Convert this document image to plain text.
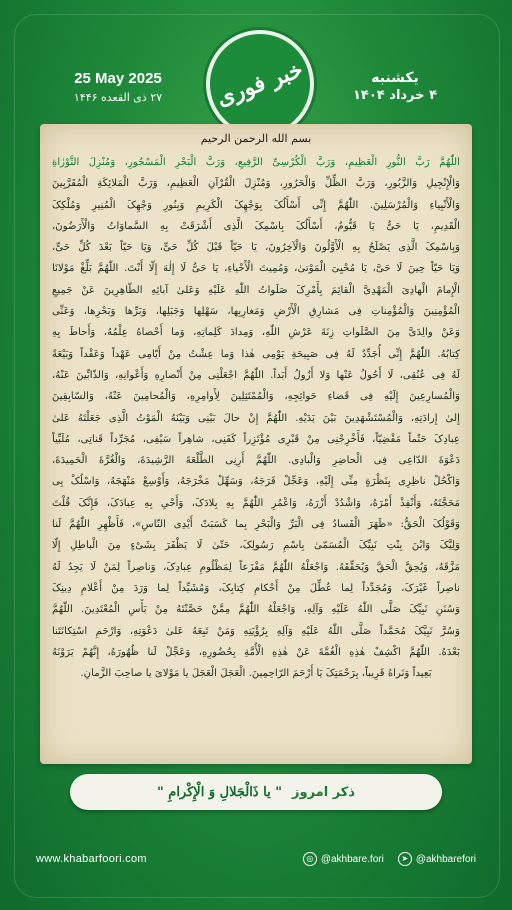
25 May 2025
۲۷ ذی القعده ۱۴۴۶	خبر فوری	یکشنبه
۴ خرداد ۱۴۰۴
بسم الله الرحمن الرحیم
اللّٰهُمَّ رَبَّ النُّورِ الْعَظِیمِ، وَرَبَّ الْکُرْسِیِّ الرَّفِیعِ، وَرَبَّ الْبَحْرِ الْمَسْجُورِ، وَمُنْزِلَ التَّوْرٰاةِ
وَالْإِنْجِیلِ وَالزَّبُورِ، وَرَبَّ الظِّلِّ وَالْحَرُورِ، وَمُنْزِلَ الْقُرْآنِ الْعَظِیمِ، وَرَبَّ الْمَلائِکَةِ الْمُقَرَّبِینَ
وَالْأَنْبِیاءِ وَالْمُرْسَلِینَ. اللّٰهُمَّ إِنِّی أَسْأَلُکَ بِوَجْهِکَ الْکَرِیمِ وَبِنُورِ وَجْهِکَ الْمُنِیرِ وَمُلْکِکَ
الْقَدِیمِ، یَا حَیُّ یَا قَیُّومُ، أَسْأَلُکَ بِاسْمِکَ الَّذِی أَشْرَقَتْ بِهِ السَّماوَاتُ وَالْأَرَضُونَ،
وَبِاسْمِکَ الَّذِی یَصْلَحُ بِهِ الْأَوَّلُونَ وَالْآخِرُونَ، یَا حَیّاً قَبْلَ کُلِّ حَیٍّ، وَیَا حَیّاً بَعْدَ کُلِّ حَیٍّ،
وَیَا حَیّاً حِینَ لَا حَیَّ، یَا مُحْیِیَ الْمَوْتىٰ، وَمُمِیتَ الْأَحْیاءِ، یَا حَیُّ لَا إِلٰهَ إِلّا أَنْتَ. اللّٰهُمَّ بَلِّغْ مَوْلانَا
الْإِمامَ الْهادِیَ الْمَهْدِیَّ الْقائِمَ بِأَمْرِکَ صَلَواتُ اللّٰهِ عَلَیْهِ وَعَلىٰ آبائِهِ الطّاهِرِینَ عَنْ جَمِیعِ
الْمُؤْمِنِینَ وَالْمُؤْمِناتِ فِی مَشارِقِ الْأَرْضِ وَمَغارِبِها، سَهْلِها وَجَبَلِها، وَبَرِّها وَبَحْرِها، وَعَنِّی
وَعَنْ والِدَیَّ مِنَ الصَّلَواتِ زِنَةَ عَرْشِ اللّٰهِ، وَمِدادَ کَلِماتِهِ، وَما أَحْصاهُ عِلْمُهُ، وَأَحاطَ بِهِ
کِتابُهُ. اللّٰهُمَّ إِنِّی أُجَدِّدُ لَهُ فِی صَبِیحَةِ یَوْمِی هٰذا وَما عِشْتُ مِنْ أَیّامِی عَهْداً وَعَقْداً وَبَیْعَةً
لَهُ فِی عُنُقِی، لَا أَحُولُ عَنْها وَلا أَزُولُ أَبَداً. اللّٰهُمَّ اجْعَلْنِی مِنْ أَنْصارِهِ وَأَعْوانِهِ، وَالذّابِّینَ عَنْهُ،
وَالْمُسارِعِینَ إِلَیْهِ فِی قَضاءِ حَوائِجِهِ، وَالْمُمْتَثِلِینَ لِأَوامِرِهِ، وَالْمُحامِینَ عَنْهُ، وَالسّابِقِینَ
إِلىٰ إِرادَتِهِ، وَالْمُسْتَشْهَدِینَ بَیْنَ یَدَیْهِ. اللّٰهُمَّ إِنْ حالَ بَیْنِی وَبَیْنَهُ الْمَوْتُ الَّذِی جَعَلْتَهُ عَلىٰ
عِبادِکَ حَتْماً مَقْضِیّاً، فَأَخْرِجْنِی مِنْ قَبْرِی مُؤْتَزِراً کَفَنِی، شاهِراً سَیْفِی، مُجَرِّداً قَناتِی، مُلَبِّیاً
دَعْوَةَ الدّاعِی فِی الْحاضِرِ وَالْبادِی. اللّٰهُمَّ أَرِنِی الطَّلْعَةَ الرَّشِیدَةَ، وَالْغُرَّةَ الْحَمِیدَةَ،
وَاکْحُلْ ناظِرِی بِنَظْرَةٍ مِنِّی إِلَیْهِ، وَعَجِّلْ فَرَجَهُ، وَسَهِّلْ مَخْرَجَهُ، وَأَوْسِعْ مَنْهَجَهُ، وَاسْلُکْ بِی
مَحَجَّتَهُ، وَأَنْفِذْ أَمْرَهُ، وَاشْدُدْ أَزْرَهُ، وَاعْمُرِ اللّٰهُمَّ بِهِ بِلادَکَ، وَأَحْیِ بِهِ عِبادَکَ، فَإِنَّکَ قُلْتَ
وَقَوْلُکَ الْحَقُّ: «ظَهَرَ الْفَسادُ فِی الْبَرِّ وَالْبَحْرِ بِما کَسَبَتْ أَیْدِی النّاسِ»، فَأَظْهِرِ اللّٰهُمَّ لَنا
وَلِیَّکَ وَابْنَ بِنْتِ نَبِیِّکَ الْمُسَمّىٰ بِاسْمِ رَسُولِکَ، حَتّىٰ لَا یَظْفَرَ بِشَیْءٍ مِنَ الْباطِلِ إِلّا
مَزَّقَهُ، وَیُحِقَّ الْحَقَّ وَیُحَقِّقَهُ. وَاجْعَلْهُ اللّٰهُمَّ مَفْزَعاً لِمَظْلُومِ عِبادِکَ، وَناصِراً لِمَنْ لَا یَجِدُ لَهُ
ناصِراً غَیْرَکَ، وَمُجَدِّداً لِما عُطِّلَ مِنْ أَحْکامِ کِتابِکَ، وَمُشَیِّداً لِما وَرَدَ مِنْ أَعْلامِ دِینِکَ
وَسُنَنِ نَبِیِّکَ صَلَّى اللّٰهُ عَلَیْهِ وَآلِهِ، وَاجْعَلْهُ اللّٰهُمَّ مِمَّنْ حَصَّنْتَهُ مِنْ بَأْسِ الْمُعْتَدِینَ. اللّٰهُمَّ
وَسُرَّ نَبِیَّکَ مُحَمَّداً صَلَّى اللّٰهُ عَلَیْهِ وَآلِهِ بِرُؤْیَتِهِ وَمَنْ تَبِعَهُ عَلىٰ دَعْوَتِهِ، وَارْحَمِ اسْتِکانَتَنا
بَعْدَهُ. اللّٰهُمَّ اکْشِفْ هٰذِهِ الْغُمَّةَ عَنْ هٰذِهِ الْأُمَّةِ بِحُضُورِهِ، وَعَجِّلْ لَنا ظُهُورَهُ، إِنَّهُمْ یَرَوْنَهُ
بَعِیداً وَنَراهُ قَرِیباً، بِرَحْمَتِکَ یَا أَرْحَمَ الرّاحِمِینَ. الْعَجَلَ الْعَجَلَ یا مَوْلایَ یا صاحِبَ الزَّمانِ.
ذکر امروز
" یا ذَالْجَلالِ وَ الْإِکْرامِ "
www.khabarfoori.com	◎ @akhbare.fori	➤ @akhbarefori
